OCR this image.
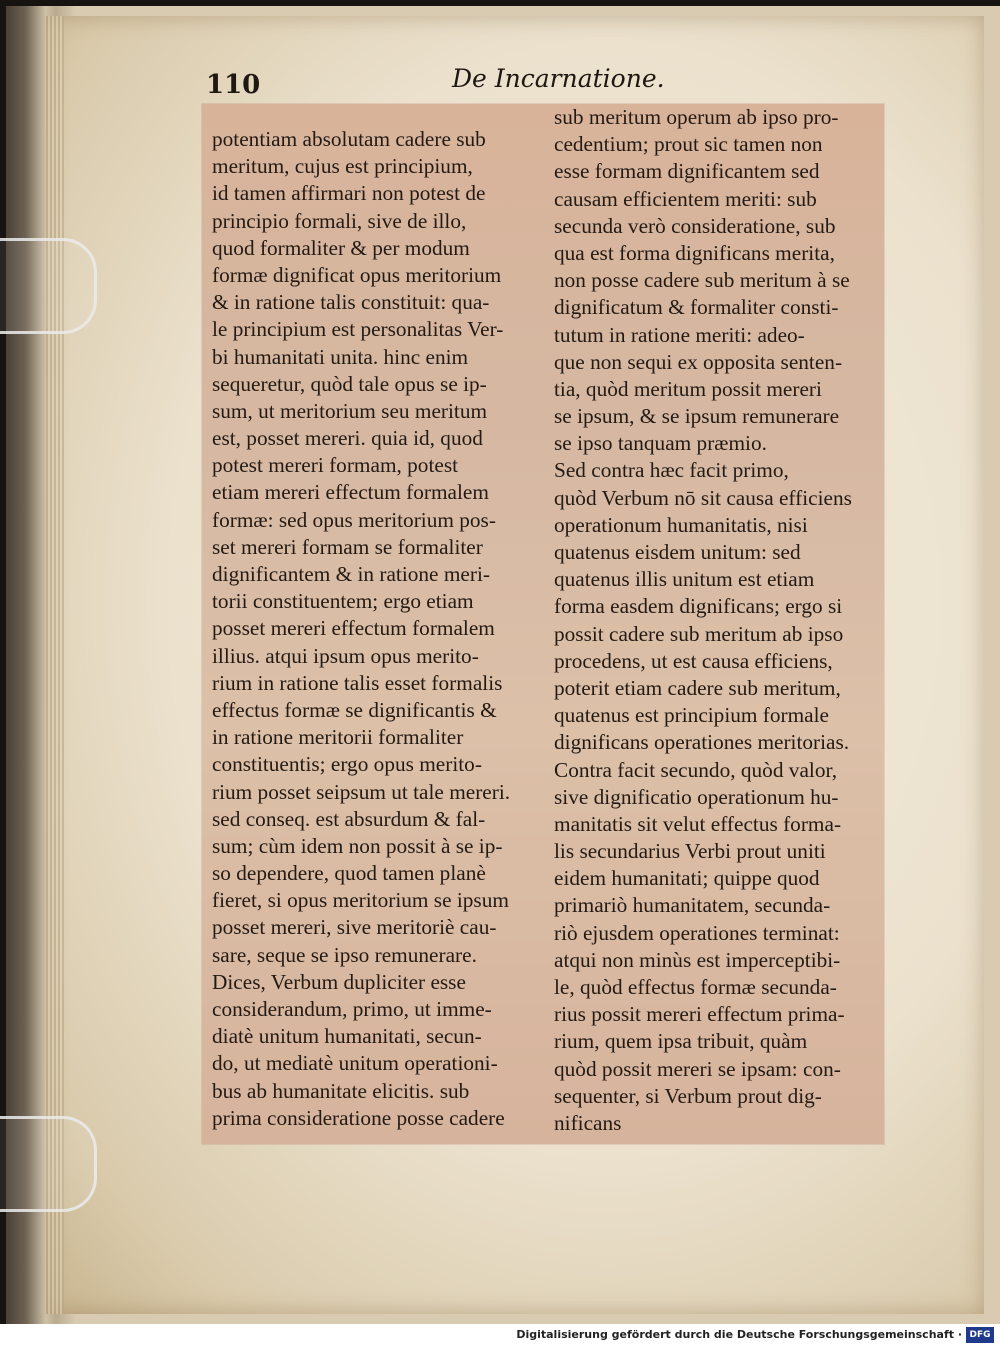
110	De Incarnatione.
potentiam absolutam cadere sub
meritum, cujus est principium,
id tamen affirmari non potest de
principio formali, sive de illo,
quod formaliter & per modum
formæ dignificat opus meritorium
& in ratione talis constituit: qua-
le principium est personalitas Ver-
bi humanitati unita. hinc enim
sequeretur, quòd tale opus se ip-
sum, ut meritorium seu meritum
est, posset mereri. quia id, quod
potest mereri formam, potest
etiam mereri effectum formalem
formæ: sed opus meritorium pos-
set mereri formam se formaliter
dignificantem & in ratione meri-
torii constituentem; ergo etiam
posset mereri effectum formalem
illius. atqui ipsum opus merito-
rium in ratione talis esset formalis
effectus formæ se dignificantis &
in ratione meritorii formaliter
constituentis; ergo opus merito-
rium posset seipsum ut tale mereri.
sed conseq. est absurdum & fal-
sum; cùm idem non possit à se ip-
so dependere, quod tamen planè
fieret, si opus meritorium se ipsum
posset mereri, sive meritoriè cau-
sare, seque se ipso remunerare.
Dices, Verbum dupliciter esse
considerandum, primo, ut imme-
diatè unitum humanitati, secun-
do, ut mediatè unitum operationi-
bus ab humanitate elicitis. sub
prima consideratione posse cadere
sub meritum operum ab ipso pro-
cedentium; prout sic tamen non
esse formam dignificantem sed
causam efficientem meriti: sub
secunda verò consideratione, sub
qua est forma dignificans merita,
non posse cadere sub meritum à se
dignificatum & formaliter consti-
tutum in ratione meriti: adeo-
que non sequi ex opposita senten-
tia, quòd meritum possit mereri
se ipsum, & se ipsum remunerare
se ipso tanquam præmio.
Sed contra hæc facit primo,
quòd Verbum nō sit causa efficiens
operationum humanitatis, nisi
quatenus eisdem unitum: sed
quatenus illis unitum est etiam
forma easdem dignificans; ergo si
possit cadere sub meritum ab ipso
procedens, ut est causa efficiens,
poterit etiam cadere sub meritum,
quatenus est principium formale
dignificans operationes meritorias.
Contra facit secundo, quòd valor,
sive dignificatio operationum hu-
manitatis sit velut effectus forma-
lis secundarius Verbi prout uniti
eidem humanitati; quippe quod
primariò humanitatem, secunda-
riò ejusdem operationes terminat:
atqui non minùs est imperceptibi-
le, quòd effectus formæ secunda-
rius possit mereri effectum prima-
rium, quem ipsa tribuit, quàm
quòd possit mereri se ipsam: con-
sequenter, si Verbum prout dig-
nificans
Digitalisierung gefördert durch die Deutsche Forschungsgemeinschaft · DFG
